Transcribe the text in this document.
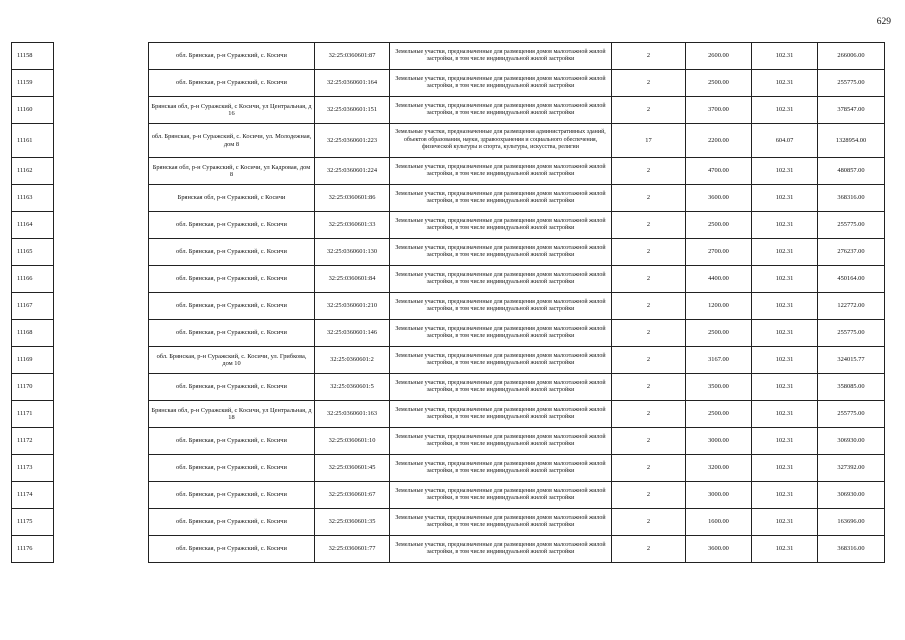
629
11158		обл. Брянская, р-н Суражский, с. Косичи	32:25:0360601:87	Земельные участки, предназначенные для размещения домов малоэтажной жилой застройки, в том числе индивидуальной жилой застройки	2	2600.00	102.31	266006.00
11159		обл. Брянская, р-н Суражский, с. Косичи	32:25:0360601:164	Земельные участки, предназначенные для размещения домов малоэтажной жилой застройки, в том числе индивидуальной жилой застройки	2	2500.00	102.31	255775.00
11160		Брянская обл, р-н Суражский, с Косичи, ул Центральная, д 16	32:25:0360601:151	Земельные участки, предназначенные для размещения домов малоэтажной жилой застройки, в том числе индивидуальной жилой застройки	2	3700.00	102.31	378547.00
11161		обл. Брянская, р-н Суражский, с. Косичи, ул. Молодежная, дом 8	32:25:0360601:223	Земельные участки, предназначенные для размещения административных зданий, объектов образования, науки, здравоохранения и социального обеспечения, физической культуры и спорта, культуры, искусства, религии	17	2200.00	604.07	1328954.00
11162		Брянская обл, р-н Суражский, с Косичи, ул Кадровая, дом 8	32:25:0360601:224	Земельные участки, предназначенные для размещения домов малоэтажной жилой застройки, в том числе индивидуальной жилой застройки	2	4700.00	102.31	480857.00
11163		Брянская обл, р-н Суражский, с Косичи	32:25:0360601:86	Земельные участки, предназначенные для размещения домов малоэтажной жилой застройки, в том числе индивидуальной жилой застройки	2	3600.00	102.31	368316.00
11164		обл. Брянская, р-н Суражский, с. Косичи	32:25:0360601:33	Земельные участки, предназначенные для размещения домов малоэтажной жилой застройки, в том числе индивидуальной жилой застройки	2	2500.00	102.31	255775.00
11165		обл. Брянская, р-н Суражский, с. Косичи	32:25:0360601:130	Земельные участки, предназначенные для размещения домов малоэтажной жилой застройки, в том числе индивидуальной жилой застройки	2	2700.00	102.31	276237.00
11166		обл. Брянская, р-н Суражский, с. Косичи	32:25:0360601:84	Земельные участки, предназначенные для размещения домов малоэтажной жилой застройки, в том числе индивидуальной жилой застройки	2	4400.00	102.31	450164.00
11167		обл. Брянская, р-н Суражский, с. Косичи	32:25:0360601:210	Земельные участки, предназначенные для размещения домов малоэтажной жилой застройки, в том числе индивидуальной жилой застройки	2	1200.00	102.31	122772.00
11168		обл. Брянская, р-н Суражский, с. Косичи	32:25:0360601:146	Земельные участки, предназначенные для размещения домов малоэтажной жилой застройки, в том числе индивидуальной жилой застройки	2	2500.00	102.31	255775.00
11169		обл. Брянская, р-н Суражский, с. Косичи, ул. Грибкова, дом 10	32:25:0360601:2	Земельные участки, предназначенные для размещения домов малоэтажной жилой застройки, в том числе индивидуальной жилой застройки	2	3167.00	102.31	324015.77
11170		обл. Брянская, р-н Суражский, с. Косичи	32:25:0360601:5	Земельные участки, предназначенные для размещения домов малоэтажной жилой застройки, в том числе индивидуальной жилой застройки	2	3500.00	102.31	358085.00
11171		Брянская обл, р-н Суражский, с Косичи, ул Центральная, д 18	32:25:0360601:163	Земельные участки, предназначенные для размещения домов малоэтажной жилой застройки, в том числе индивидуальной жилой застройки	2	2500.00	102.31	255775.00
11172		обл. Брянская, р-н Суражский, с. Косичи	32:25:0360601:10	Земельные участки, предназначенные для размещения домов малоэтажной жилой застройки, в том числе индивидуальной жилой застройки	2	3000.00	102.31	306930.00
11173		обл. Брянская, р-н Суражский, с. Косичи	32:25:0360601:45	Земельные участки, предназначенные для размещения домов малоэтажной жилой застройки, в том числе индивидуальной жилой застройки	2	3200.00	102.31	327392.00
11174		обл. Брянская, р-н Суражский, с. Косичи	32:25:0360601:67	Земельные участки, предназначенные для размещения домов малоэтажной жилой застройки, в том числе индивидуальной жилой застройки	2	3000.00	102.31	306930.00
11175		обл. Брянская, р-н Суражский, с. Косичи	32:25:0360601:35	Земельные участки, предназначенные для размещения домов малоэтажной жилой застройки, в том числе индивидуальной жилой застройки	2	1600.00	102.31	163696.00
11176		обл. Брянская, р-н Суражский, с. Косичи	32:25:0360601:77	Земельные участки, предназначенные для размещения домов малоэтажной жилой застройки, в том числе индивидуальной жилой застройки	2	3600.00	102.31	368316.00
